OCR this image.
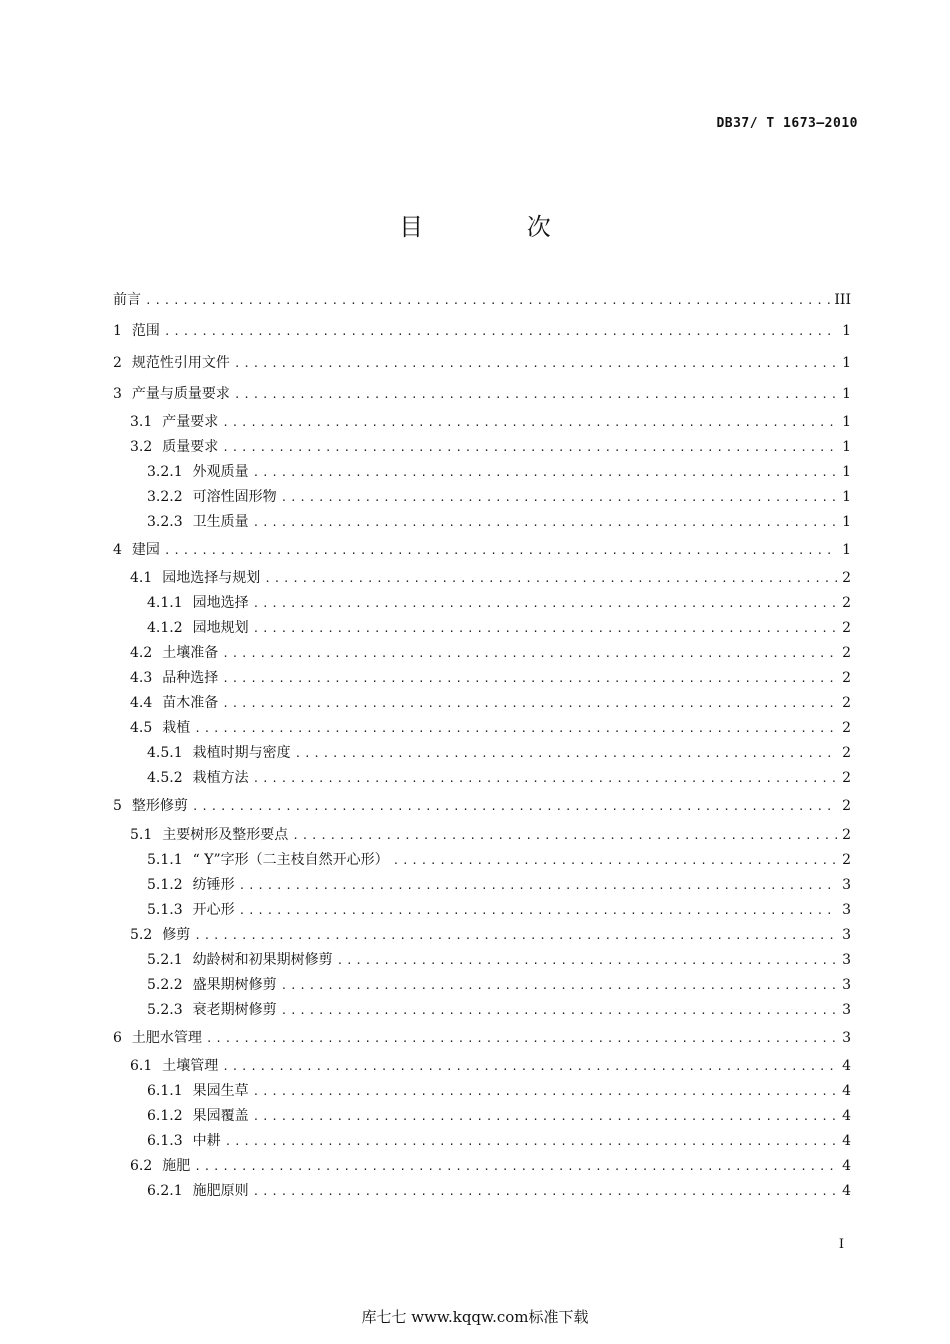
DB37/ T 1673—2010
目 次
前言 .....	III
1 范围 .....	1
2 规范性引用文件 .....	1
3 产量与质量要求 .....	1
3.1 产量要求 .....	1
3.2 质量要求 .....	1
3.2.1 外观质量 .....	1
3.2.2 可溶性固形物 .....	1
3.2.3 卫生质量 .....	1
4 建园 .....	1
4.1 园地选择与规划 .....	2
4.1.1 园地选择 .....	2
4.1.2 园地规划 .....	2
4.2 土壤准备 .....	2
4.3 品种选择 .....	2
4.4 苗木准备 .....	2
4.5 栽植 .....	2
4.5.1 栽植时期与密度 .....	2
4.5.2 栽植方法 .....	2
5 整形修剪 .....	2
5.1 主要树形及整形要点 .....	2
5.1.1 “ Y”字形（二主枝自然开心形） .....	2
5.1.2 纺锤形 .....	3
5.1.3 开心形 .....	3
5.2 修剪 .....	3
5.2.1 幼龄树和初果期树修剪 .....	3
5.2.2 盛果期树修剪 .....	3
5.2.3 衰老期树修剪 .....	3
6 土肥水管理 .....	3
6.1 土壤管理 .....	4
6.1.1 果园生草 .....	4
6.1.2 果园覆盖 .....	4
6.1.3 中耕 .....	4
6.2 施肥 .....	4
6.2.1 施肥原则 .....	4
I
库七七 www.kqqw.com标准下载
